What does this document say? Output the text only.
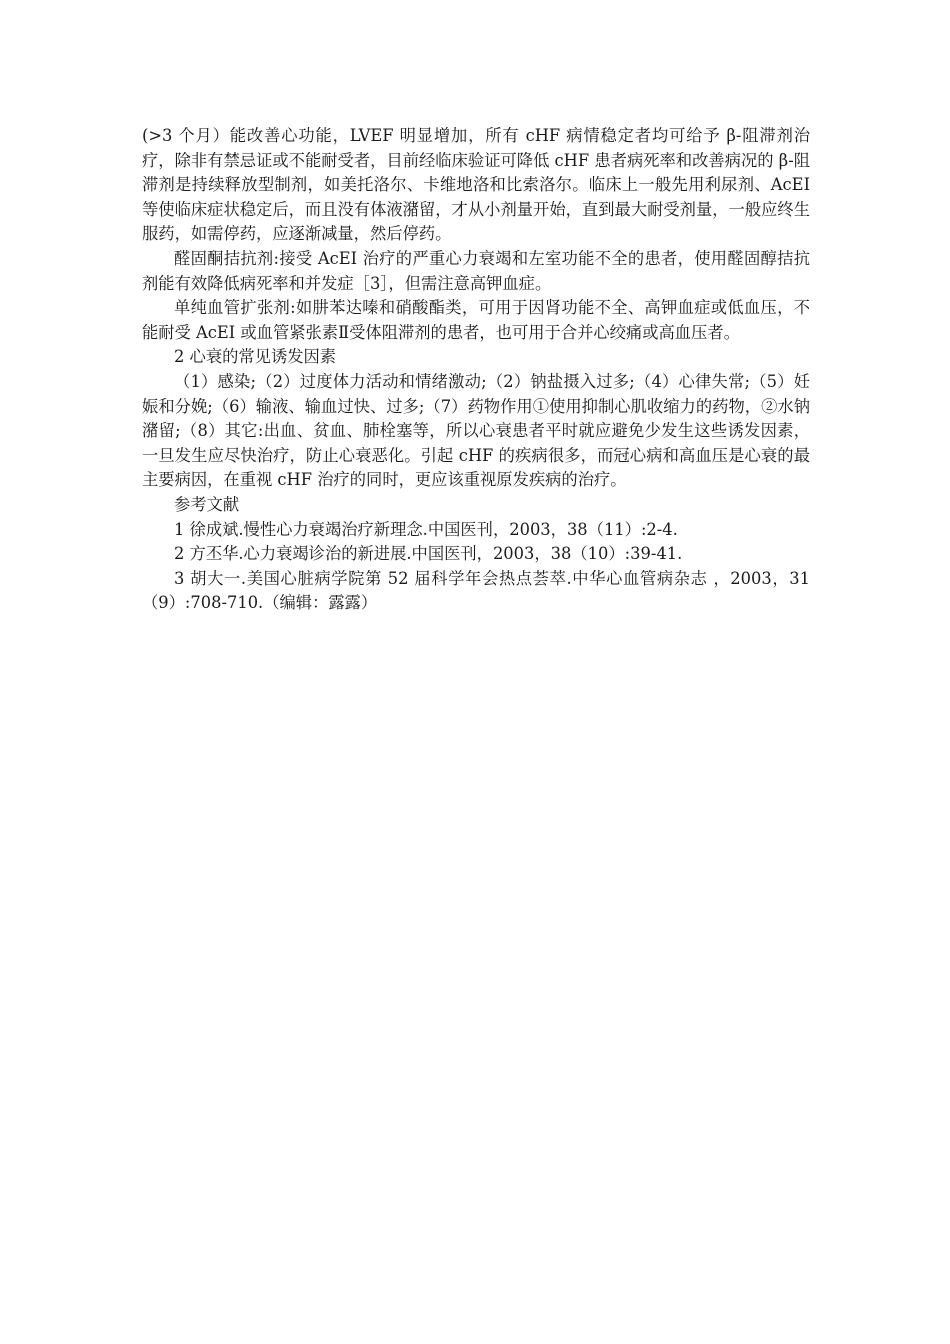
(>3 个月）能改善心功能，LVEF 明显增加，所有 cHF 病情稳定者均可给予 β-阻滞剂治疗，除非有禁忌证或不能耐受者，目前经临床验证可降低 cHF 患者病死率和改善病况的 β-阻滞剂是持续释放型制剂，如美托洛尔、卡维地洛和比索洛尔。临床上一般先用利尿剂、AcEI 等使临床症状稳定后，而且没有体液潴留，才从小剂量开始，直到最大耐受剂量，一般应终生服药，如需停药，应逐渐减量，然后停药。

醛固酮拮抗剂:接受 AcEI 治疗的严重心力衰竭和左室功能不全的患者，使用醛固醇拮抗剂能有效降低病死率和并发症［3］，但需注意高钾血症。

单纯血管扩张剂:如肼苯达嗪和硝酸酯类，可用于因肾功能不全、高钾血症或低血压，不能耐受 AcEI 或血管紧张素Ⅱ受体阻滞剂的患者，也可用于合并心绞痛或高血压者。

2 心衰的常见诱发因素

（1）感染;（2）过度体力活动和情绪激动;（2）钠盐摄入过多;（4）心律失常;（5）妊娠和分娩;（6）输液、输血过快、过多;（7）药物作用①使用抑制心肌收缩力的药物，②水钠潴留;（8）其它:出血、贫血、肺栓塞等，所以心衰患者平时就应避免少发生这些诱发因素，一旦发生应尽快治疗，防止心衰恶化。引起 cHF 的疾病很多，而冠心病和高血压是心衰的最主要病因，在重视 cHF 治疗的同时，更应该重视原发疾病的治疗。

参考文献

1 徐成斌.慢性心力衰竭治疗新理念.中国医刊，2003，38（11）:2-4.

2 方丕华.心力衰竭诊治的新进展.中国医刊，2003，38（10）:39-41.

3 胡大一.美国心脏病学院第 52 届科学年会热点荟萃.中华心血管病杂志 ，2003，31（9）:708-710.（编辑：露露）
